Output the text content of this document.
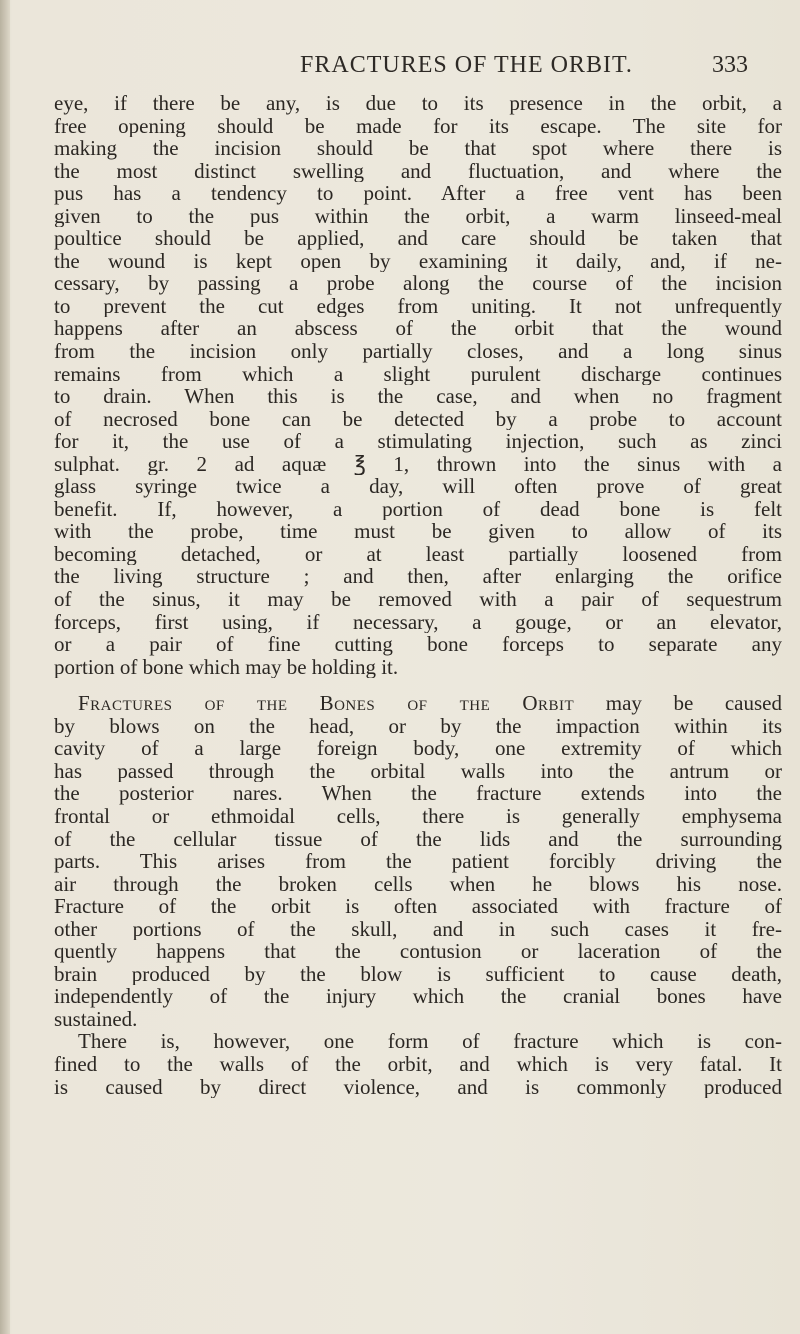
FRACTURES OF THE ORBIT.	333
eye, if there be any, is due to its presence in the orbit, a
free opening should be made for its escape. The site for
making the incision should be that spot where there is
the most distinct swelling and fluctuation, and where the
pus has a tendency to point. After a free vent has been
given to the pus within the orbit, a warm linseed-meal
poultice should be applied, and care should be taken that
the wound is kept open by examining it daily, and, if ne-
cessary, by passing a probe along the course of the incision
to prevent the cut edges from uniting. It not unfrequently
happens after an abscess of the orbit that the wound
from the incision only partially closes, and a long sinus
remains from which a slight purulent discharge continues
to drain. When this is the case, and when no fragment
of necrosed bone can be detected by a probe to account
for it, the use of a stimulating injection, such as zinci
sulphat. gr. 2 ad aquæ ℥ 1, thrown into the sinus with a
glass syringe twice a day, will often prove of great
benefit. If, however, a portion of dead bone is felt
with the probe, time must be given to allow of its
becoming detached, or at least partially loosened from
the living structure ; and then, after enlarging the orifice
of the sinus, it may be removed with a pair of sequestrum
forceps, first using, if necessary, a gouge, or an elevator,
or a pair of fine cutting bone forceps to separate any
portion of bone which may be holding it.
Fractures of the Bones of the Orbit may be caused
by blows on the head, or by the impaction within its
cavity of a large foreign body, one extremity of which
has passed through the orbital walls into the antrum or
the posterior nares. When the fracture extends into the
frontal or ethmoidal cells, there is generally emphysema
of the cellular tissue of the lids and the surrounding
parts. This arises from the patient forcibly driving the
air through the broken cells when he blows his nose.
Fracture of the orbit is often associated with fracture of
other portions of the skull, and in such cases it fre-
quently happens that the contusion or laceration of the
brain produced by the blow is sufficient to cause death,
independently of the injury which the cranial bones have
sustained.
There is, however, one form of fracture which is con-
fined to the walls of the orbit, and which is very fatal. It
is caused by direct violence, and is commonly produced
